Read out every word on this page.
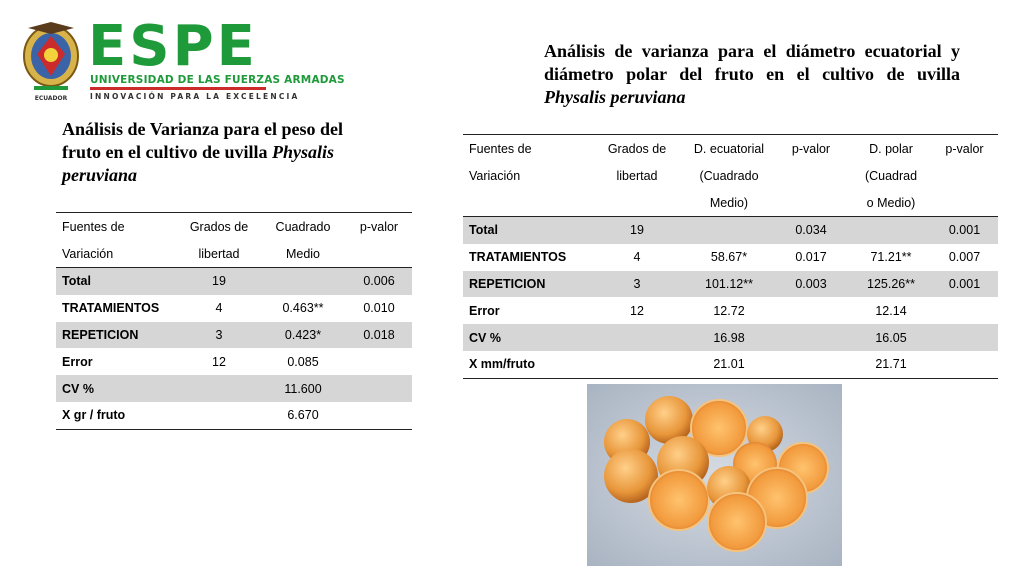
ECUADOR
ESPE
UNIVERSIDAD DE LAS FUERZAS ARMADAS
INNOVACIÓN PARA LA EXCELENCIA
Análisis de Varianza para el peso del fruto en el cultivo de uvilla Physalis peruviana
Análisis de varianza para el diámetro ecuatorial y diámetro polar del fruto en el cultivo de uvilla Physalis peruviana
Fuentes de	Grados de	Cuadrado	p-valor
Variación	libertad	Medio	
Total	19		0.006
TRATAMIENTOS	4	0.463**	0.010
REPETICION	3	0.423*	0.018
Error	12	0.085	
CV %		11.600	
X gr / fruto		6.670	
Fuentes de	Grados de	D. ecuatorial	p-valor	D. polar	p-valor
Variación	libertad	(Cuadrado		(Cuadrad	
		Medio)		o Medio)	
Total	19		0.034		0.001
TRATAMIENTOS	4	58.67*	0.017	71.21**	0.007
REPETICION	3	101.12**	0.003	125.26**	0.001
Error	12	12.72		12.14	
CV %		16.98		16.05	
X mm/fruto		21.01		21.71	
